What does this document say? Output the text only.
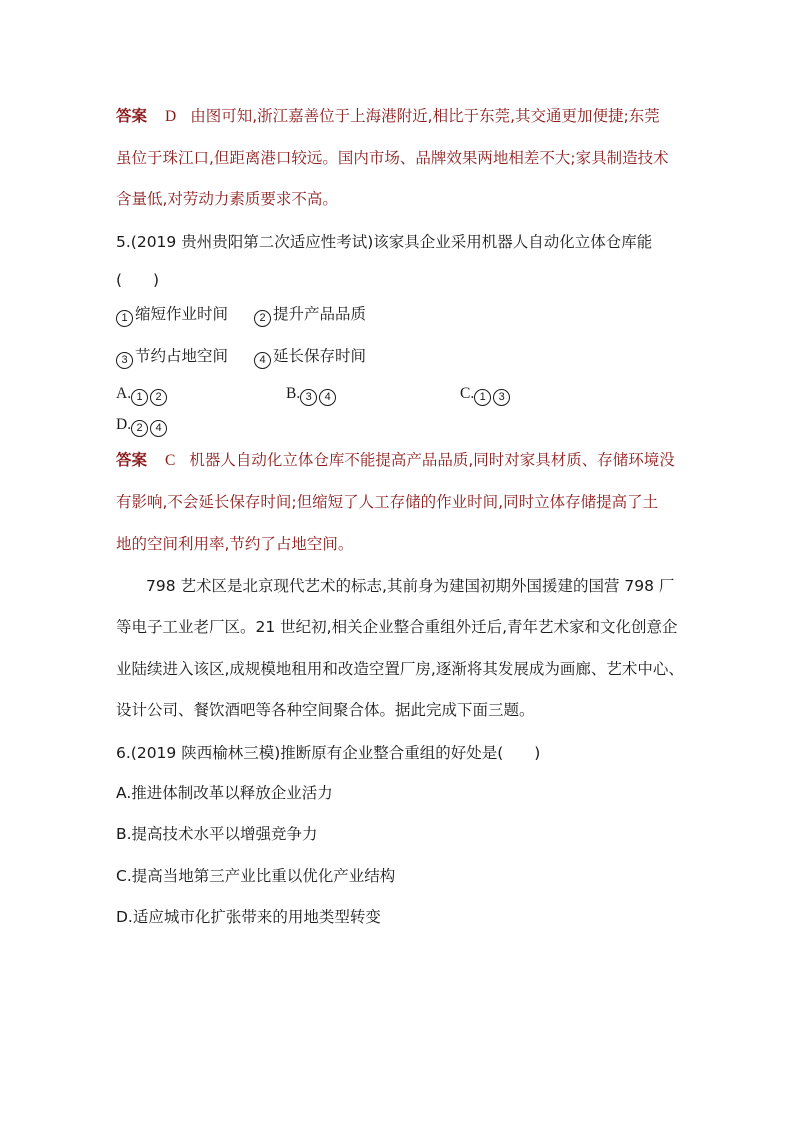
答案 D 由图可知,浙江嘉善位于上海港附近,相比于东莞,其交通更加便捷;东莞
虽位于珠江口,但距离港口较远。国内市场、品牌效果两地相差不大;家具制造技术
含量低,对劳动力素质要求不高。
5.(2019 贵州贵阳第二次适应性考试)该家具企业采用机器人自动化立体仓库能
(　　)
1 缩短作业时间	2 提升产品品质
3 节约占地空间	4 延长保存时间
A. 1 2	B. 3 4	C. 1 3
D. 2 4
答案 C 机器人自动化立体仓库不能提高产品品质,同时对家具材质、存储环境没
有影响,不会延长保存时间;但缩短了人工存储的作业时间,同时立体存储提高了土
地的空间利用率,节约了占地空间。
798 艺术区是北京现代艺术的标志,其前身为建国初期外国援建的国营 798 厂
等电子工业老厂区。21 世纪初,相关企业整合重组外迁后,青年艺术家和文化创意企
业陆续进入该区,成规模地租用和改造空置厂房,逐渐将其发展成为画廊、艺术中心、
设计公司、餐饮酒吧等各种空间聚合体。据此完成下面三题。
6.(2019 陕西榆林三模)推断原有企业整合重组的好处是(　　)
A.推进体制改革以释放企业活力
B.提高技术水平以增强竞争力
C.提高当地第三产业比重以优化产业结构
D.适应城市化扩张带来的用地类型转变
